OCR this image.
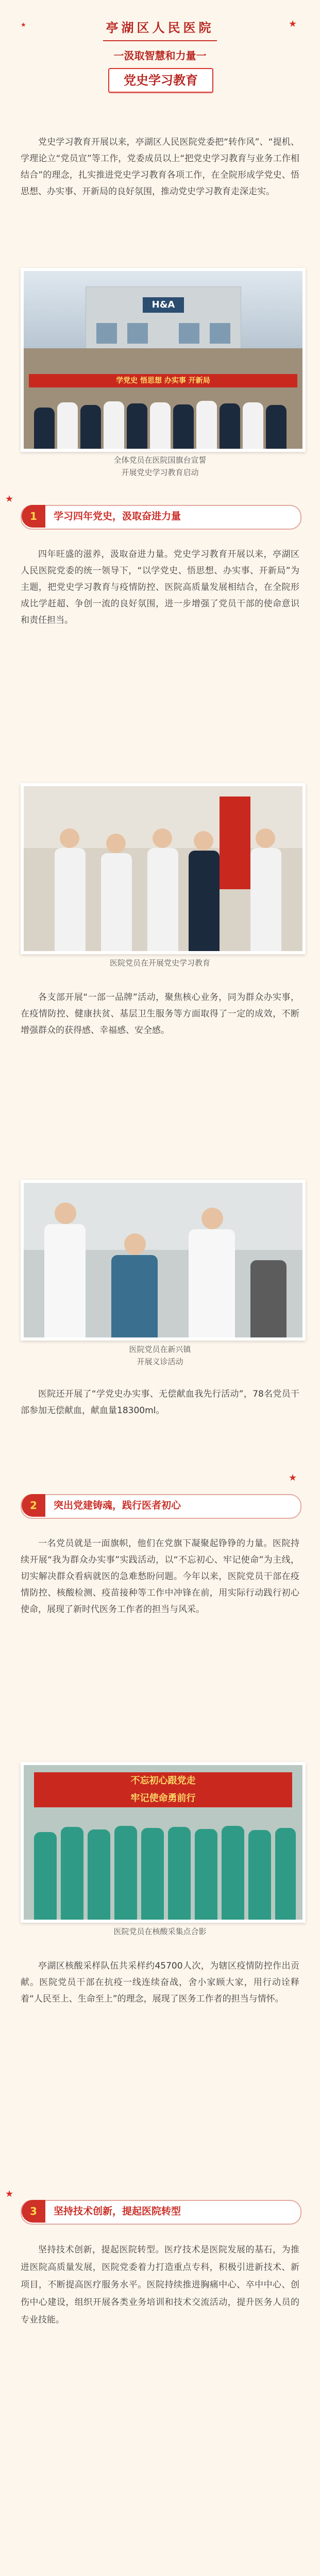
★	★
亭湖区人民医院
一汲取智慧和力量一
党史学习教育
党史学习教育开展以来，亭湖区人民医院党委把“转作风”、“提机、学理论立“党员宣”等工作，党委成员以上“把党史学习教育与业务工作相结合”的理念，扎实推进党史学习教育各项工作，在全院形成学党史、悟思想、办实事、开新局的良好氛围，推动党史学习教育走深走实。
H&A
学党史 悟思想 办实事 开新局
全体党员在医院国旗台宣誓
开展党史学习教育启动
★
1	学习四年党史，汲取奋进力量
四年旺盛的滋养，汲取奋进力量。党史学习教育开展以来，亭湖区人民医院党委的统一领导下，“以学党史、悟思想、办实事、开新局”为主题，把党史学习教育与疫情防控、医院高质量发展相结合，在全院形成比学赶超、争创一流的良好氛围，进一步增强了党员干部的使命意识和责任担当。
医院党员在开展党史学习教育
各支部开展“一部一品牌”活动，聚焦核心业务，同为群众办实事，在疫情防控、健康扶贫、基层卫生服务等方面取得了一定的成效，不断增强群众的获得感、幸福感、安全感。
医院党员在新兴镇
开展义诊活动
医院还开展了“学党史办实事、无偿献血我先行活动”，78名党员干部参加无偿献血，献血量18300ml。
★
2	突出党建铸魂，践行医者初心
一名党员就是一面旗帜，他们在党旗下凝聚起铮铮的力量。医院持续开展“我为群众办实事”实践活动，以“不忘初心、牢记使命”为主线，切实解决群众看病就医的急难愁盼问题。今年以来，医院党员干部在疫情防控、核酸检测、疫苗接种等工作中冲锋在前，用实际行动践行初心使命，展现了新时代医务工作者的担当与风采。
不忘初心跟党走
牢记使命勇前行
医院党员在核酸采集点合影
亭湖区核酸采样队伍共采样约45700人次，为辖区疫情防控作出贡献。医院党员干部在抗疫一线连续奋战，舍小家顾大家，用行动诠释着“人民至上、生命至上”的理念，展现了医务工作者的担当与情怀。
★
3	坚持技术创新，提起医院转型
坚持技术创新，提起医院转型。医疗技术是医院发展的基石，为推进医院高质量发展，医院党委着力打造重点专科，积极引进新技术、新项目，不断提高医疗服务水平。医院持续推进胸痛中心、卒中中心、创伤中心建设，组织开展各类业务培训和技术交流活动，提升医务人员的专业技能。
